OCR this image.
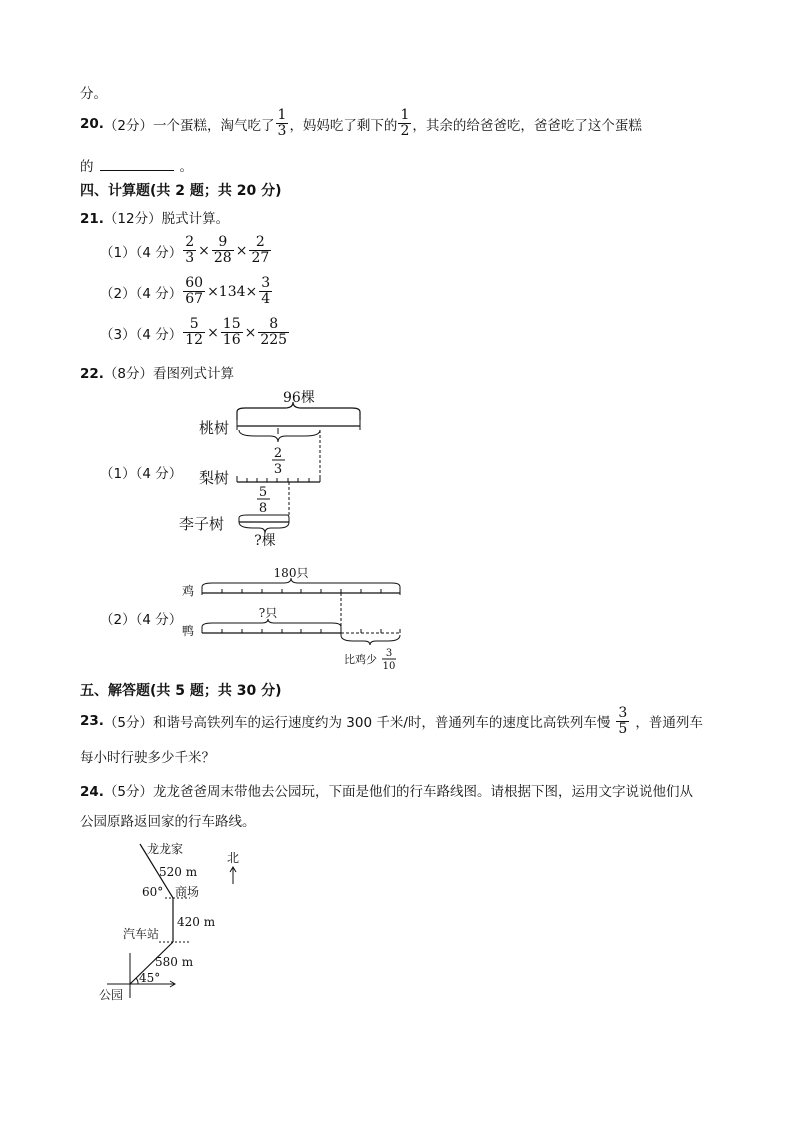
分。
20. （2分） 一个蛋糕，淘气吃了 $\frac{1}{3}$ ，妈妈吃了剩下的 $\frac{1}{2}$ ，其余的给爸爸吃，爸爸吃了这个蛋糕
的	。
四、计算题(共 2 题；共 20 分)
21.（12分）脱式计算。
（1）（4 分） $\frac{2}{3} \times \frac{9}{28} \times \frac{2}{27}$
（2）（4 分） $\frac{60}{67} \times 134\times \frac{3}{4}$
（3）（4 分） $\frac{5}{12} \times \frac{15}{16} \times \frac{8}{225}$
22.（8分）看图列式计算
（1）（4 分）
96棵
桃树
2
3
梨树
5
8
李子树
?棵
（2）（4 分）
180只
鸡
?只
鸭
比鸡少 3
10
五、解答题(共 5 题；共 30 分)
23. （5分） 和谐号高铁列车的运行速度约为 300 千米/时，普通列车的速度比高铁列车慢 $\frac{3}{5}$ ，普通列车
每小时行驶多少千米？
24.（5分）龙龙爸爸周末带他去公园玩，下面是他们的行车路线图。请根据下图，运用文字说说他们从
公园原路返回家的行车路线。
北
龙龙家
520 m
60° 商场
420 m
汽车站
580 m
45°
公园
